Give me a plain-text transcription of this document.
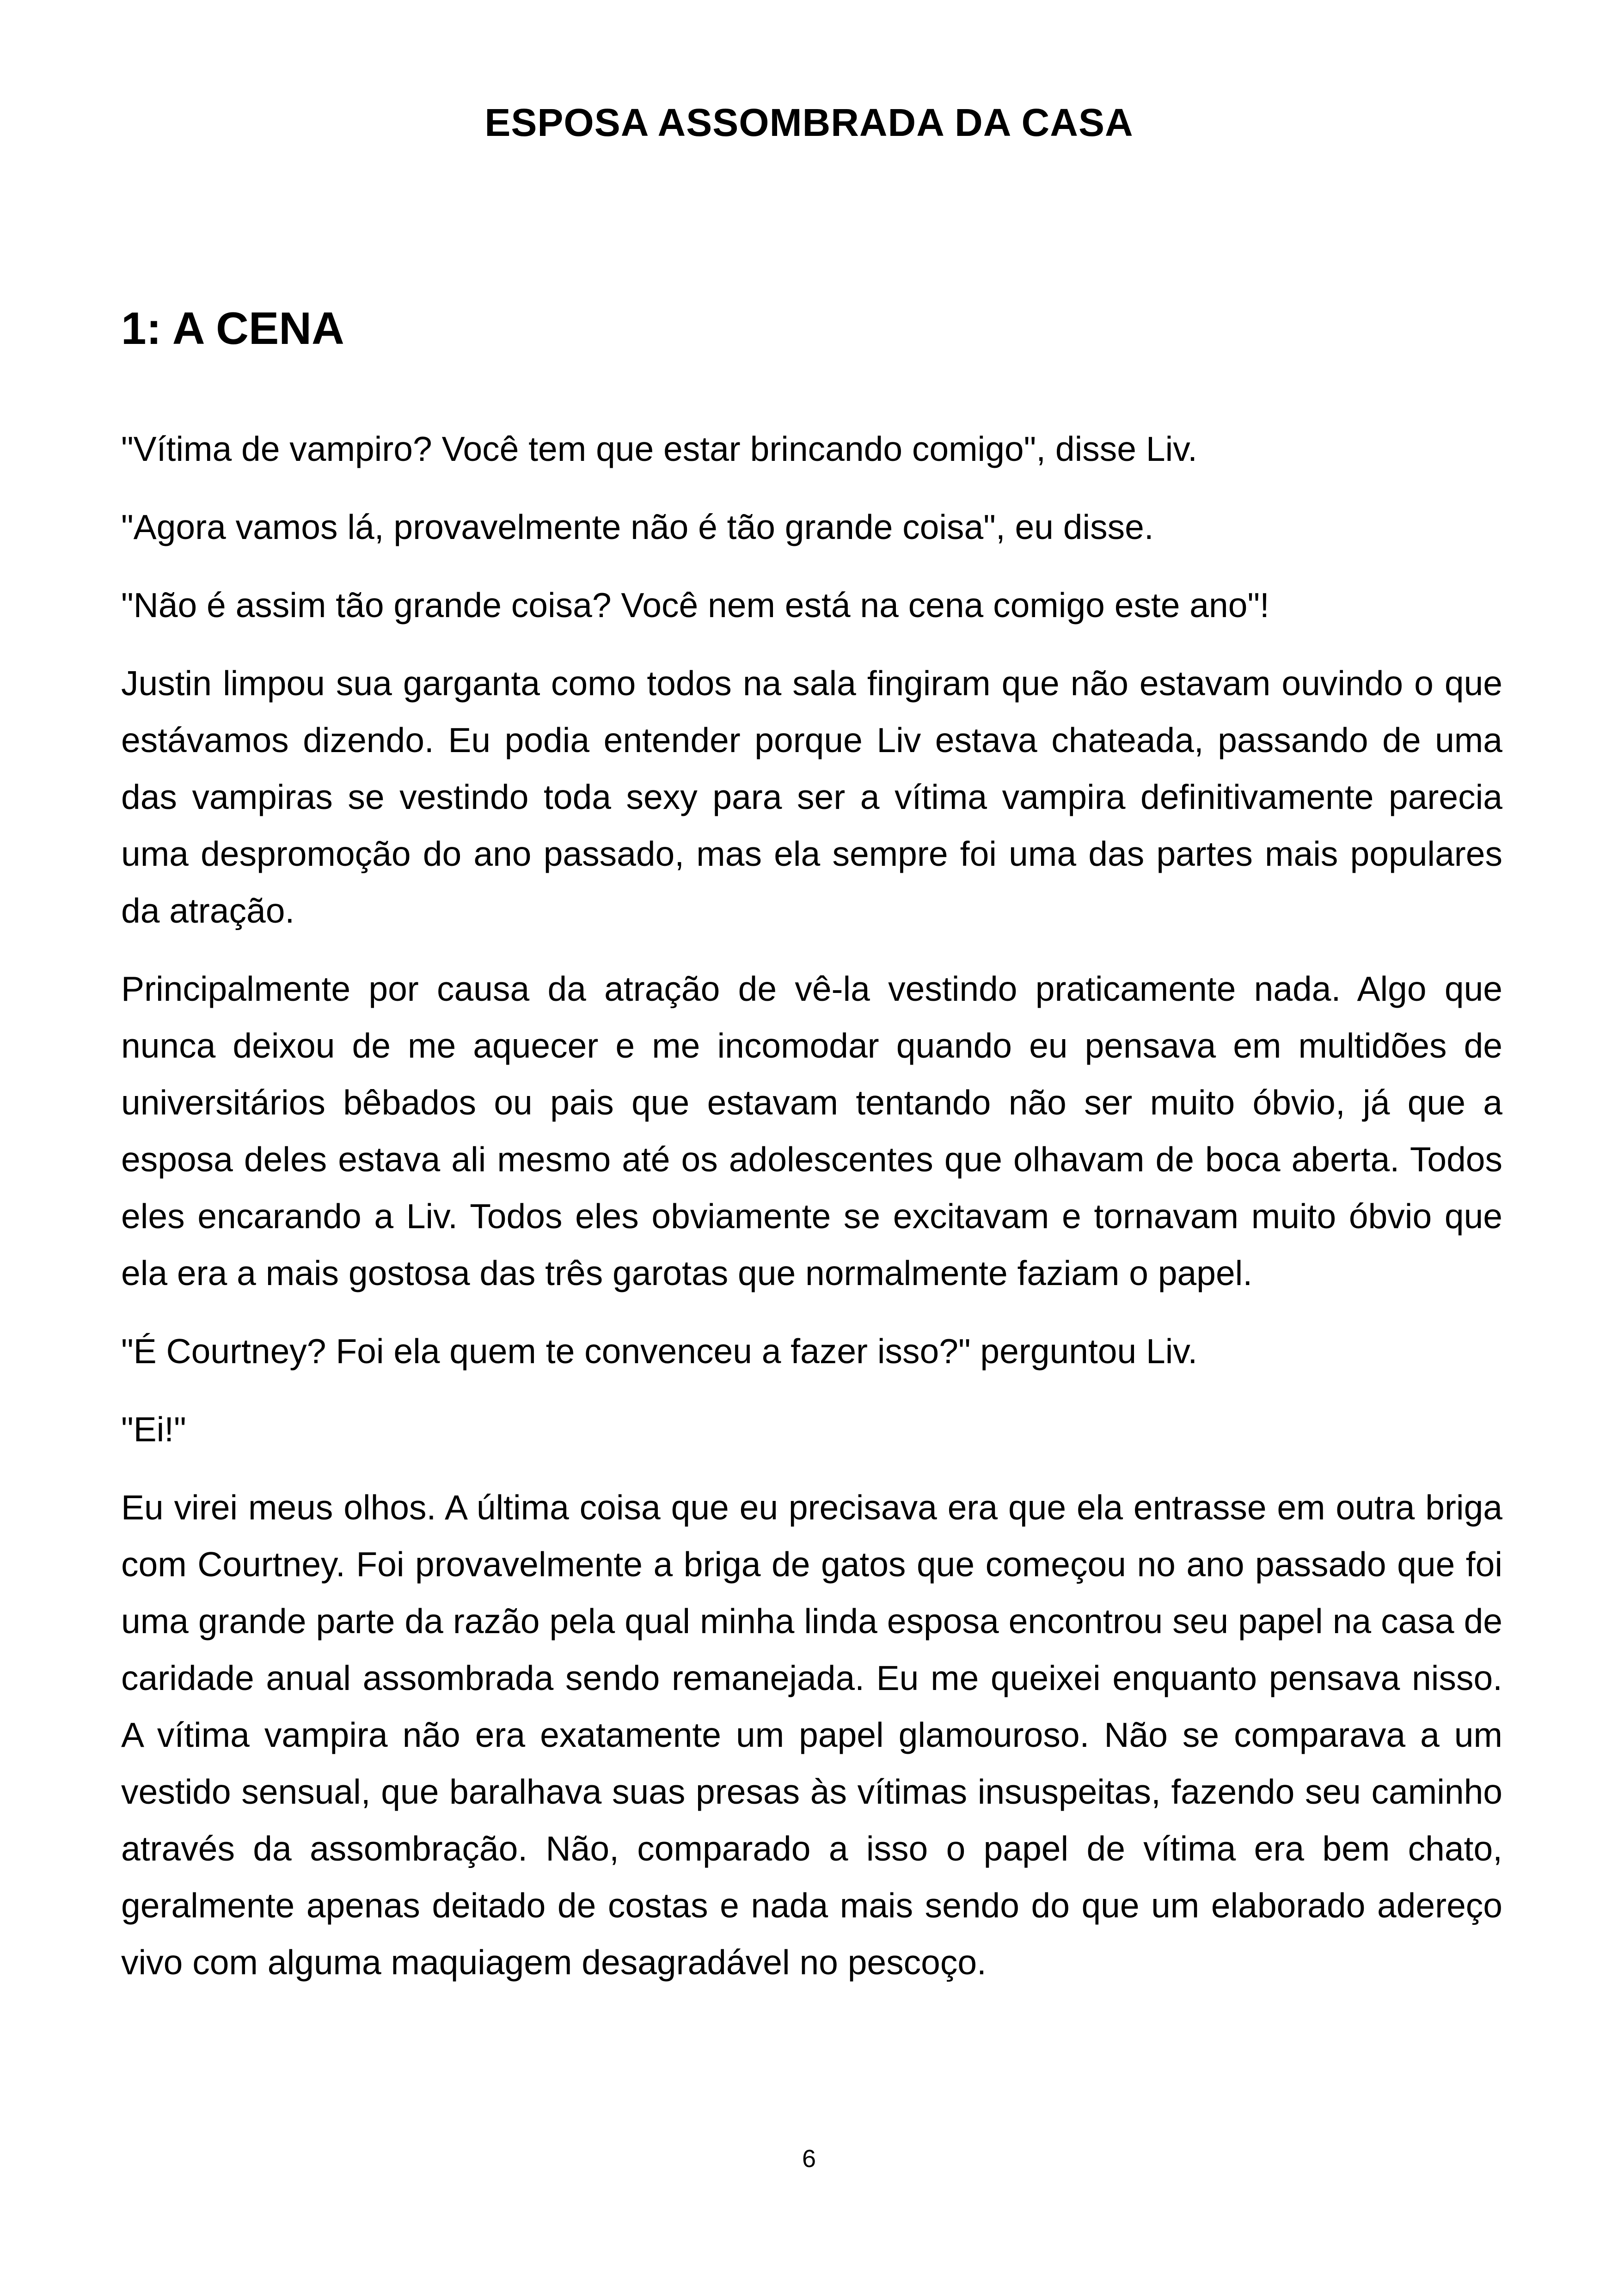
ESPOSA ASSOMBRADA DA CASA
1: A CENA

"Vítima de vampiro? Você tem que estar brincando comigo", disse Liv.

"Agora vamos lá, provavelmente não é tão grande coisa", eu disse.

"Não é assim tão grande coisa? Você nem está na cena comigo este ano"!

Justin limpou sua garganta como todos na sala fingiram que não estavam ouvindo o que estávamos dizendo. Eu podia entender porque Liv estava chateada, passando de uma das vampiras se vestindo toda sexy para ser a vítima vampira definitivamente parecia uma despromoção do ano passado, mas ela sempre foi uma das partes mais populares da atração.

Principalmente por causa da atração de vê-la vestindo praticamente nada. Algo que nunca deixou de me aquecer e me incomodar quando eu pensava em multidões de universitários bêbados ou pais que estavam tentando não ser muito óbvio, já que a esposa deles estava ali mesmo até os adolescentes que olhavam de boca aberta. Todos eles encarando a Liv. Todos eles obviamente se excitavam e tornavam muito óbvio que ela era a mais gostosa das três garotas que normalmente faziam o papel.

"É Courtney? Foi ela quem te convenceu a fazer isso?" perguntou Liv.

"Ei!"

Eu virei meus olhos. A última coisa que eu precisava era que ela entrasse em outra briga com Courtney. Foi provavelmente a briga de gatos que começou no ano passado que foi uma grande parte da razão pela qual minha linda esposa encontrou seu papel na casa de caridade anual assombrada sendo remanejada. Eu me queixei enquanto pensava nisso. A vítima vampira não era exatamente um papel glamouroso. Não se comparava a um vestido sensual, que baralhava suas presas às vítimas insuspeitas, fazendo seu caminho através da assombração. Não, comparado a isso o papel de vítima era bem chato, geralmente apenas deitado de costas e nada mais sendo do que um elaborado adereço vivo com alguma maquiagem desagradável no pescoço.

6
